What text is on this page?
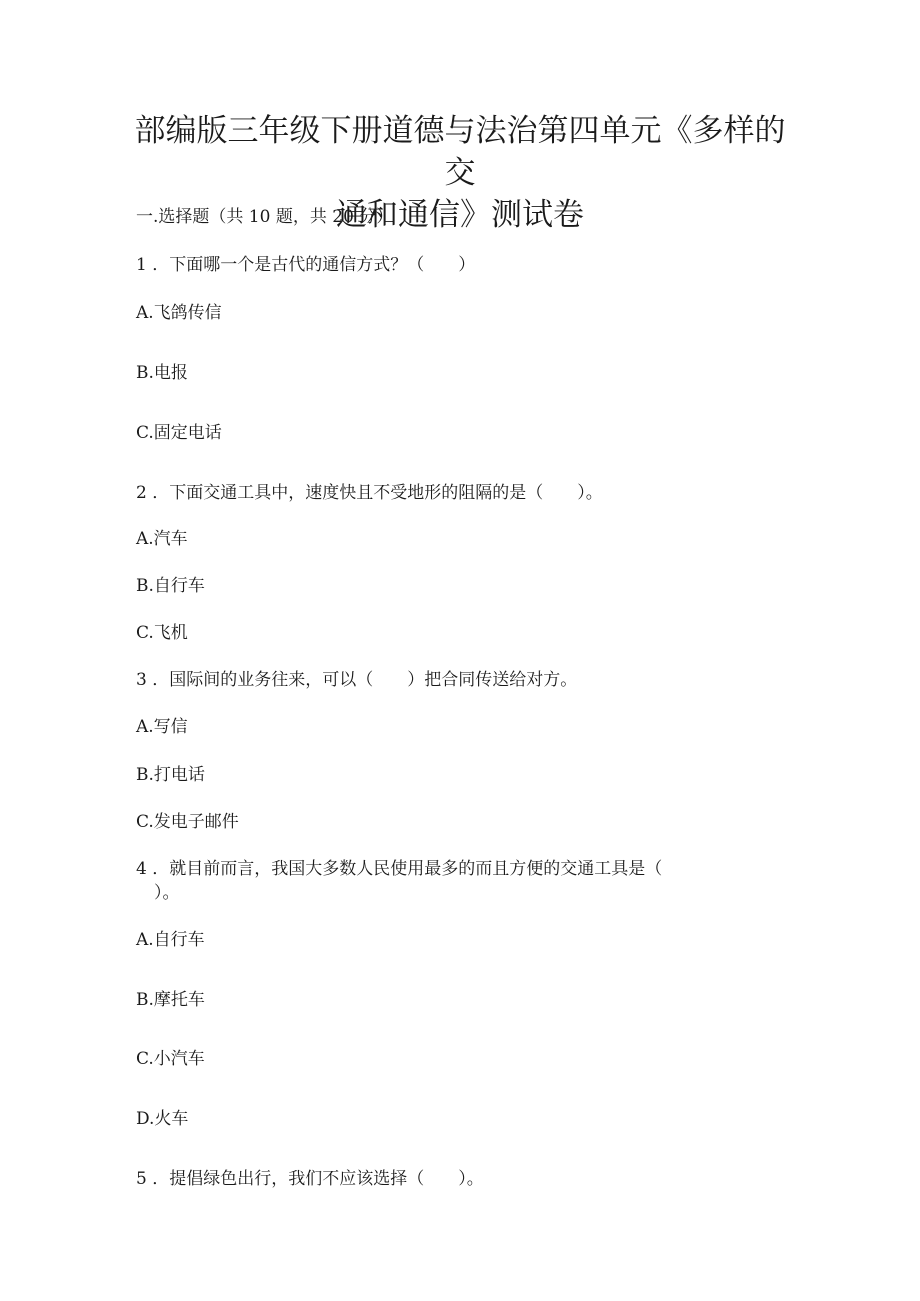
部编版三年级下册道德与法治第四单元《多样的交
通和通信》测试卷
一.选择题（共 10 题，共 20 分）
1 ．下面哪一个是古代的通信方式？（　　）
A.飞鸽传信
B.电报
C.固定电话
2 ．下面交通工具中，速度快且不受地形的阻隔的是（　　）。
A.汽车
B.自行车
C.飞机
3 ．国际间的业务往来，可以（　　）把合同传送给对方。
A.写信
B.打电话
C.发电子邮件
4 ．就目前而言，我国大多数人民使用最多的而且方便的交通工具是（
）。
A.自行车
B.摩托车
C.小汽车
D.火车
5 ．提倡绿色出行，我们不应该选择（　　）。
